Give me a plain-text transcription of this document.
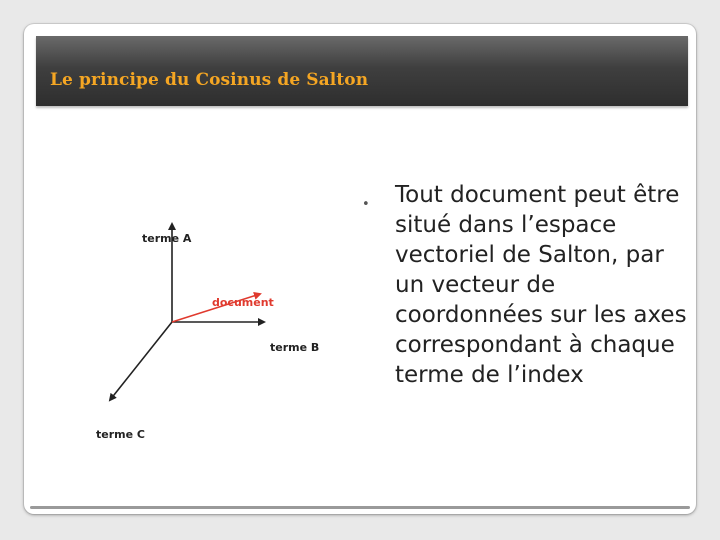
Le principe du Cosinus de Salton
terme A
terme B
terme C
document
• Tout document peut être situé dans l’espace vectoriel de Salton, par un vecteur de coordonnées sur les axes correspondant à chaque terme de l’index
